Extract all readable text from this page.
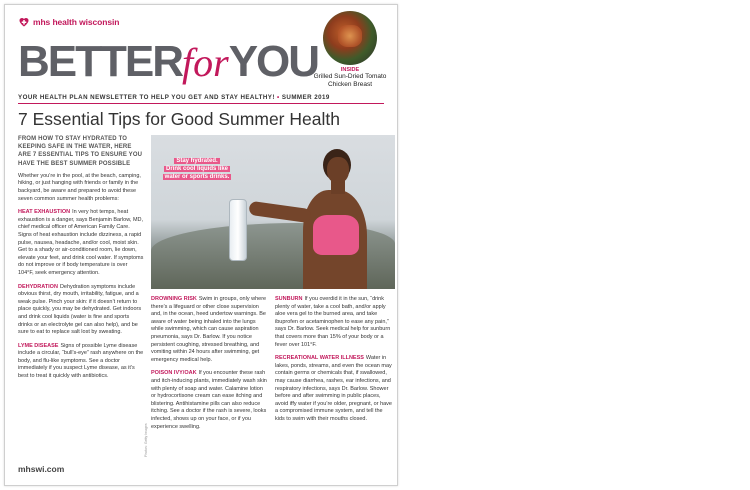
mhs health wisconsin
BETTERforYOU	INSIDE
Grilled Sun-Dried Tomato Chicken Breast
YOUR HEALTH PLAN NEWSLETTER TO HELP YOU GET AND STAY HEALTHY! • SUMMER 2019
7 Essential Tips for Good Summer Health

FROM HOW TO STAY HYDRATED TO KEEPING SAFE IN THE WATER, HERE ARE 7 ESSENTIAL TIPS TO ENSURE YOU HAVE THE BEST SUMMER POSSIBLE

Whether you’re in the pool, at the beach, camping, hiking, or just hanging with friends or family in the backyard, be aware and prepared to avoid these seven common summer health problems:

HEAT EXHAUSTION In very hot temps, heat exhaustion is a danger, says Benjamin Barlow, MD, chief medical officer of American Family Care. Signs of heat exhaustion include dizziness, a rapid pulse, nausea, headache, and/or cool, moist skin. Get to a shady or air-conditioned room, lie down, elevate your feet, and drink cool water. If symptoms do not improve or if body temperature is over 104°F, seek emergency attention.

DEHYDRATION Dehydration symptoms include obvious thirst, dry mouth, irritability, fatigue, and a weak pulse. Pinch your skin: if it doesn’t return to place quickly, you may be dehydrated. Get indoors and drink cool liquids (water is fine and sports drinks or an electrolyte gel can also help), and be sure to eat to replace salt lost by sweating.

LYME DISEASE Signs of possible Lyme disease include a circular, “bull’s-eye” rash anywhere on the body, and flu-like symptoms. See a doctor immediately if you suspect Lyme disease, as it’s best to treat it quickly with antibiotics.

Stay hydrated.
Drink cool liquids like
water or sports drinks.
Photos: Getty Images

DROWNING RISK Swim in groups, only where there’s a lifeguard or other close supervision and, in the ocean, heed undertow warnings. Be aware of water being inhaled into the lungs while swimming, which can cause aspiration pneumonia, says Dr. Barlow. If you notice persistent coughing, stressed breathing, and vomiting within 24 hours after swimming, get emergency medical help.

POISON IVY/OAK If you encounter these rash and itch-inducing plants, immediately wash skin with plenty of soap and water. Calamine lotion or hydrocortisone cream can ease itching and blistering. Antihistamine pills can also reduce itching. See a doctor if the rash is severe, looks infected, shows up on your face, or if you experience swelling.

SUNBURN If you overdid it in the sun, “drink plenty of water, take a cool bath, and/or apply aloe vera gel to the burned area, and take ibuprofen or acetaminophen to ease any pain,” says Dr. Barlow. Seek medical help for sunburn that covers more than 15% of your body or a fever over 101°F.

RECREATIONAL WATER ILLNESS Water in lakes, ponds, streams, and even the ocean may contain germs or chemicals that, if swallowed, may cause diarrhea, rashes, ear infections, and respiratory infections, says Dr. Barlow. Shower before and after swimming in public places, avoid iffy water if you’re older, pregnant, or have a compromised immune system, and tell the kids to swim with their mouths closed.

mhswi.com
